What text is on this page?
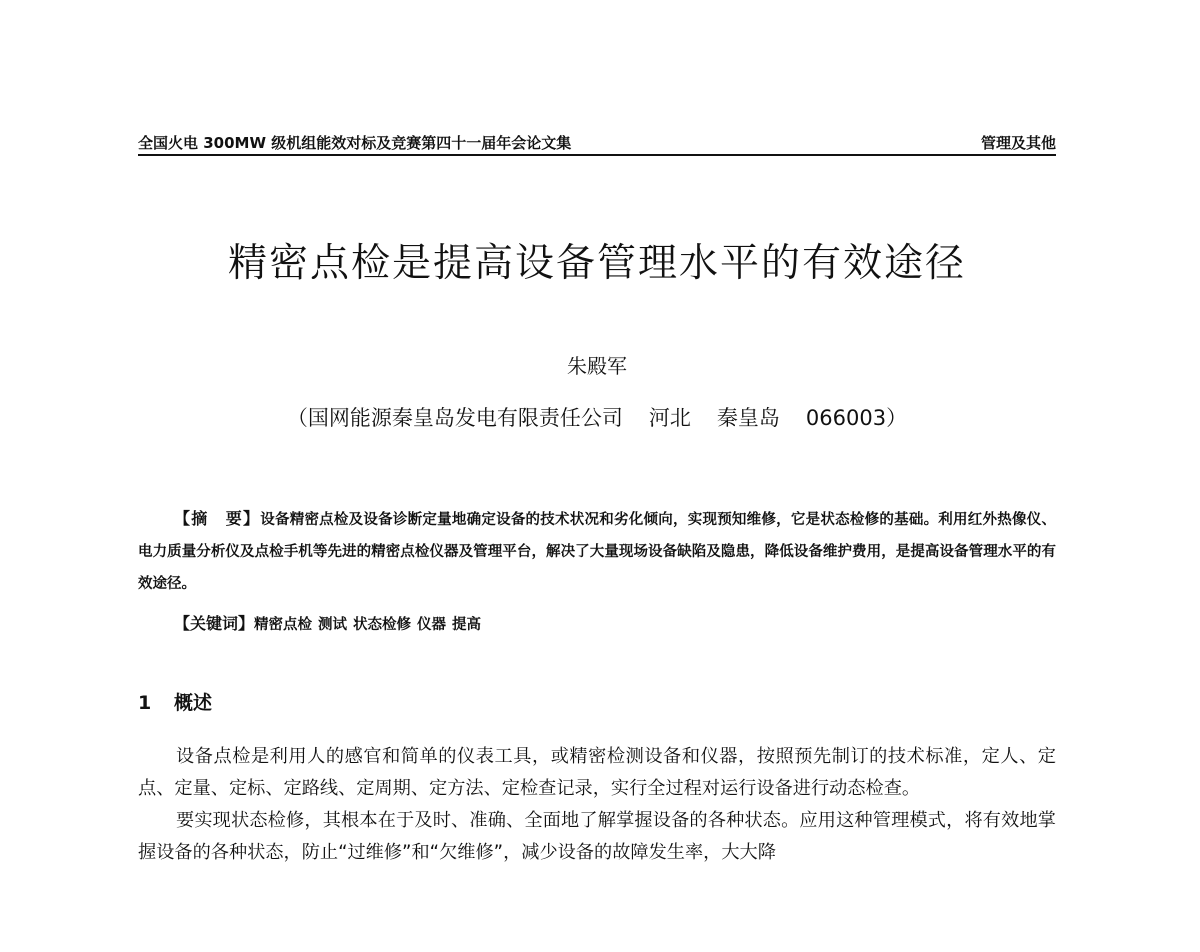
全国火电 300MW 级机组能效对标及竞赛第四十一届年会论文集	管理及其他
精密点检是提高设备管理水平的有效途径
朱殿军
（国网能源秦皇岛发电有限责任公司 河北 秦皇岛 066003）

【摘　要】设备精密点检及设备诊断定量地确定设备的技术状况和劣化倾向，实现预知维修，它是状态检修的基础。利用红外热像仪、电力质量分析仪及点检手机等先进的精密点检仪器及管理平台，解决了大量现场设备缺陷及隐患，降低设备维护费用，是提高设备管理水平的有效途径。

【关键词】精密点检 测试 状态检修 仪器 提高
1 概述

设备点检是利用人的感官和简单的仪表工具，或精密检测设备和仪器，按照预先制订的技术标准，定人、定点、定量、定标、定路线、定周期、定方法、定检查记录，实行全过程对运行设备进行动态检查。

要实现状态检修，其根本在于及时、准确、全面地了解掌握设备的各种状态。应用这种管理模式，将有效地掌握设备的各种状态，防止“过维修”和“欠维修”，减少设备的故障发生率，大大降
